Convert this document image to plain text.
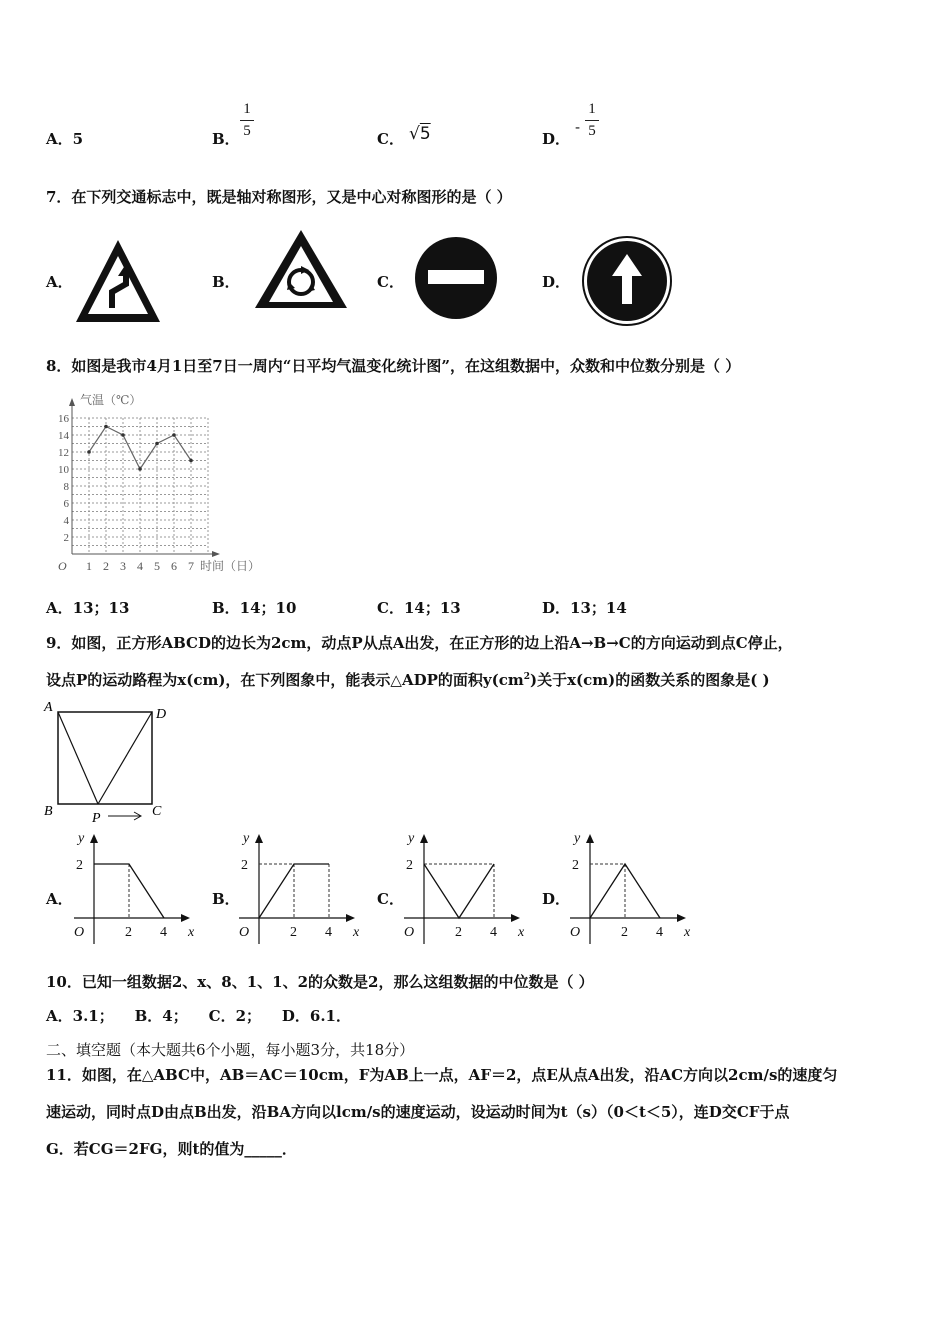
A．5	B．
1
5	C． √5	D．
-
1
5
7．在下列交通标志中，既是轴对称图形，又是中心对称图形的是（ ）
A．	B．	C．	D．
8．如图是我市4月1日至7日一周内“日平均气温变化统计图”，在这组数据中，众数和中位数分别是（ ）
气温（℃）
时间（日）
O 1 2 3 4 5 6 7
2
4
6
8
10
12
14
16
A．13；13	B．14；10	C．14；13	D．13；14
9．如图，正方形ABCD的边长为2cm，动点P从点A出发，在正方形的边上沿A→B→C的方向运动到点C停止，
设点P的运动路程为x(cm)，在下列图象中，能表示△ADP的面积$y(cm^2)$关于x(cm)的函数关系的图象是( )
A	D
B	C
P
A．	B．	C．	D．
y
2
O	2 4 x
y
2
O	2 4 x
y
2
O	2 4 x
y
2
O	2 4 x
10．已知一组数据2、x、8、1、1、2的众数是2，那么这组数据的中位数是（ ）
A．3.1；    B．4；    C．2；    D．6.1．
二、填空题（本大题共6个小题，每小题3分，共18分）
11．如图，在△ABC中，AB＝AC＝10cm，F为AB上一点，AF＝2，点E从点A出发，沿AC方向以2cm/s的速度匀
速运动，同时点D由点B出发，沿BA方向以lcm/s的速度运动，设运动时间为t（s）（0＜t＜5），连D交CF于点
G．若CG＝2FG，则t的值为_____．
